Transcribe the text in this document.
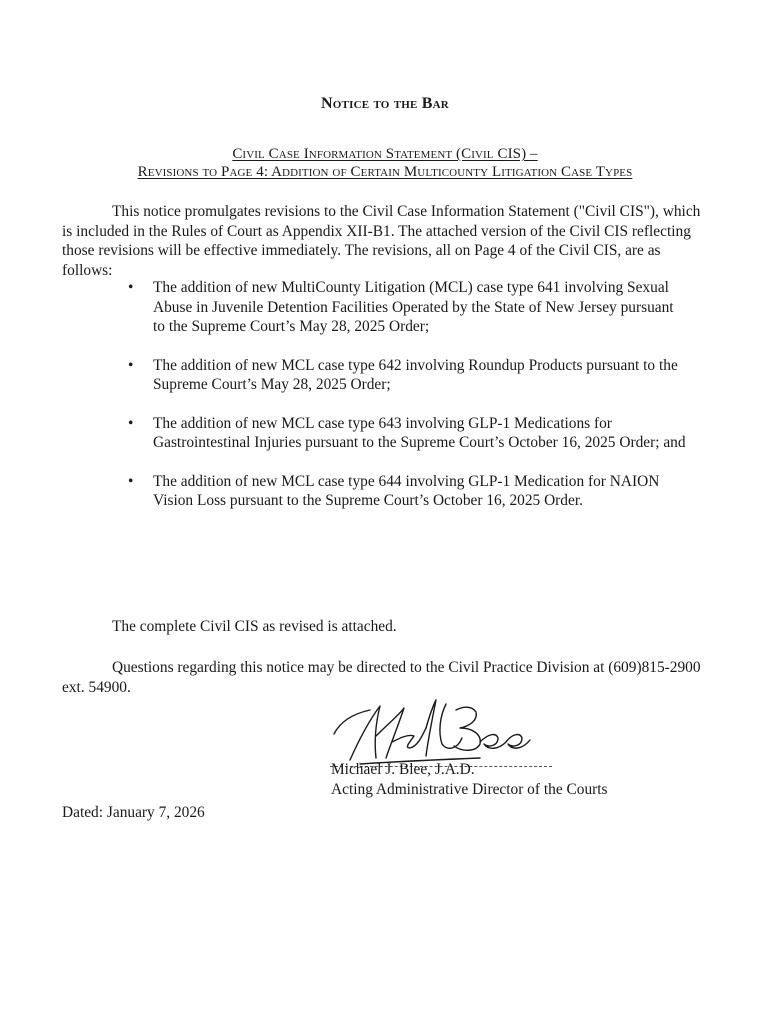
Notice to the Bar
Civil Case Information Statement (Civil CIS) –
Revisions to Page 4: Addition of Certain Multicounty Litigation Case Types

This notice promulgates revisions to the Civil Case Information Statement ("Civil CIS"), which is included in the Rules of Court as Appendix XII-B1. The attached version of the Civil CIS reflecting those revisions will be effective immediately. The revisions, all on Page 4 of the Civil CIS, are as follows:

• The addition of new MultiCounty Litigation (MCL) case type 641 involving Sexual Abuse in Juvenile Detention Facilities Operated by the State of New Jersey pursuant to the Supreme Court’s May 28, 2025 Order;
• The addition of new MCL case type 642 involving Roundup Products pursuant to the Supreme Court’s May 28, 2025 Order;
• The addition of new MCL case type 643 involving GLP-1 Medications for Gastrointestinal Injuries pursuant to the Supreme Court’s October 16, 2025 Order; and
• The addition of new MCL case type 644 involving GLP-1 Medication for NAION Vision Loss pursuant to the Supreme Court’s October 16, 2025 Order.

The complete Civil CIS as revised is attached.

Questions regarding this notice may be directed to the Civil Practice Division at (609)815-2900 ext. 54900.

Michael J. Blee, J.A.D.
Acting Administrative Director of the Courts
Dated: January 7, 2026
